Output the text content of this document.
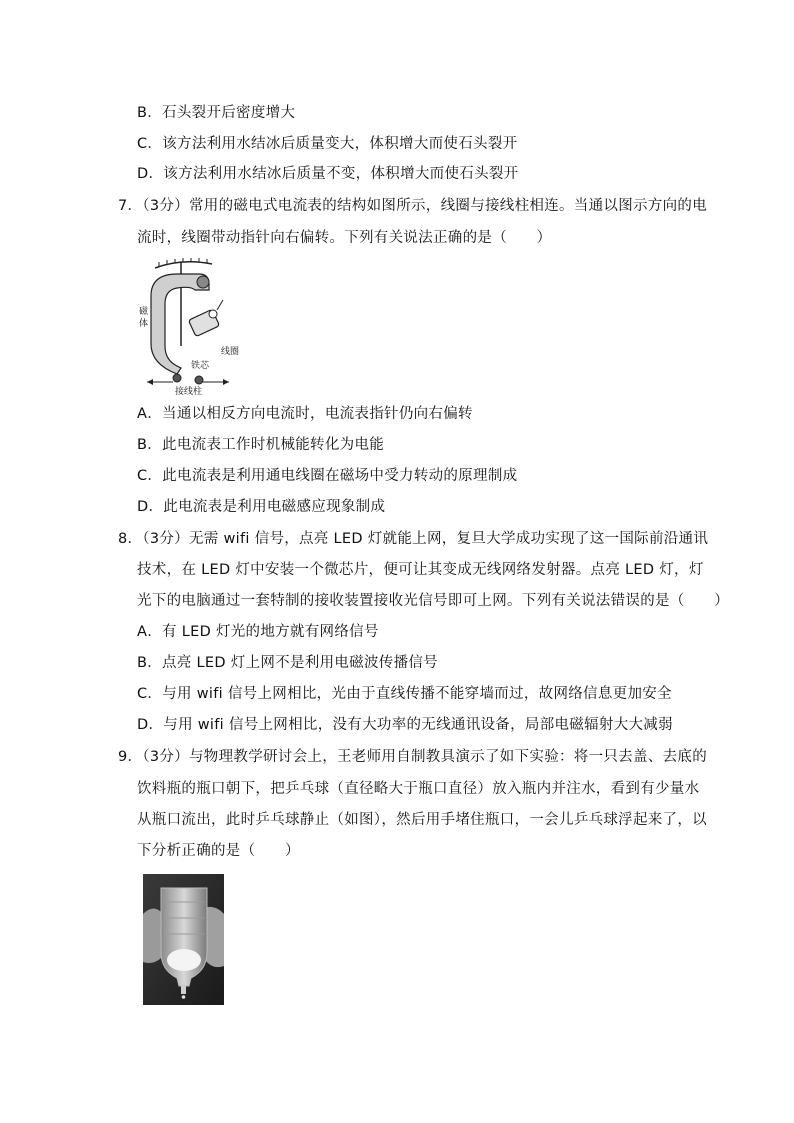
B．石头裂开后密度增大
C．该方法利用水结冰后质量变大，体积增大而使石头裂开
D．该方法利用水结冰后质量不变，体积增大而使石头裂开
7．（3分）常用的磁电式电流表的结构如图所示，线圈与接线柱相连。当通以图示方向的电
流时，线圈带动指针向右偏转。下列有关说法正确的是（　　）
磁
体
线圈
铁芯
接线柱
A．当通以相反方向电流时，电流表指针仍向右偏转
B．此电流表工作时机械能转化为电能
C．此电流表是利用通电线圈在磁场中受力转动的原理制成
D．此电流表是利用电磁感应现象制成
8．（3分）无需 wifi 信号，点亮 LED 灯就能上网，复旦大学成功实现了这一国际前沿通讯
技术，在 LED 灯中安装一个微芯片，便可让其变成无线网络发射器。点亮 LED 灯，灯
光下的电脑通过一套特制的接收装置接收光信号即可上网。下列有关说法错误的是（　　）
A．有 LED 灯光的地方就有网络信号
B．点亮 LED 灯上网不是利用电磁波传播信号
C．与用 wifi 信号上网相比，光由于直线传播不能穿墙而过，故网络信息更加安全
D．与用 wifi 信号上网相比，没有大功率的无线通讯设备，局部电磁辐射大大减弱
9．（3分）与物理教学研讨会上，王老师用自制教具演示了如下实验：将一只去盖、去底的
饮料瓶的瓶口朝下，把乒乓球（直径略大于瓶口直径）放入瓶内并注水，看到有少量水
从瓶口流出，此时乒乓球静止（如图），然后用手堵住瓶口，一会儿乒乓球浮起来了，以
下分析正确的是（　　）
